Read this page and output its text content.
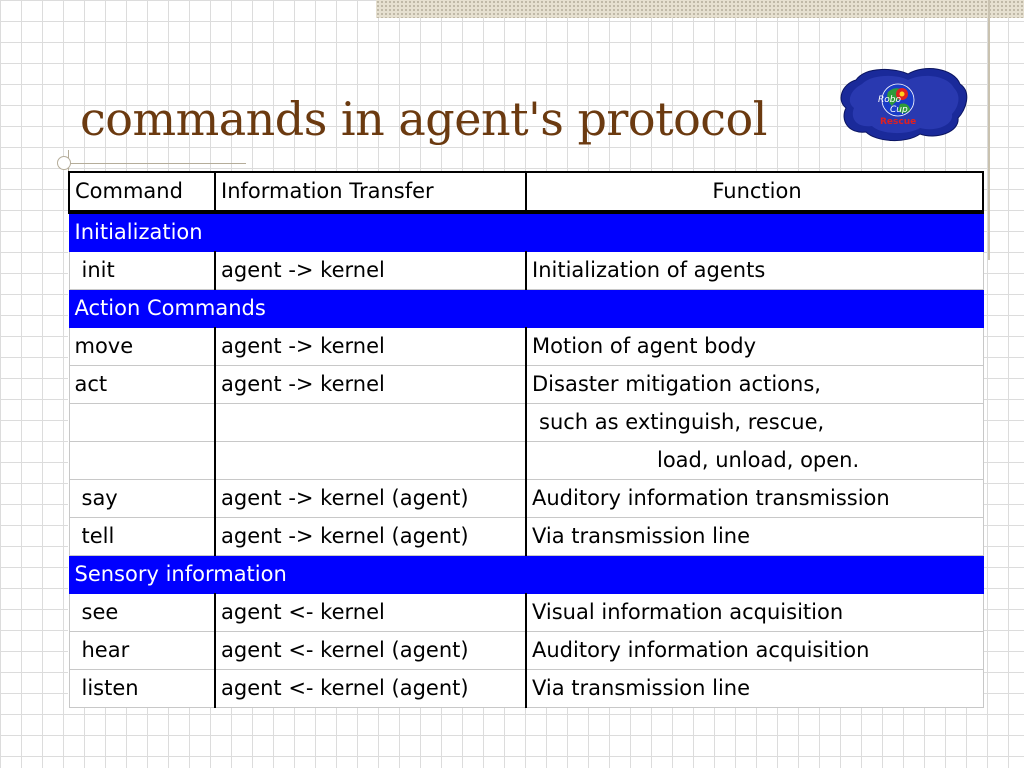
commands in agent's protocol	Robo
Cup
Rescue
Command	Information Transfer	Function
Initialization		
init	agent -> kernel	Initialization of agents
Action Commands		
move	agent -> kernel	Motion of agent body
act	agent -> kernel	Disaster mitigation actions,
		such as extinguish, rescue,
		load, unload, open.
say	agent -> kernel (agent)	Auditory information transmission
tell	agent -> kernel (agent)	Via transmission line
Sensory information		
see	agent <- kernel	Visual information acquisition
hear	agent <- kernel (agent)	Auditory information acquisition
listen	agent <- kernel (agent)	Via transmission line
